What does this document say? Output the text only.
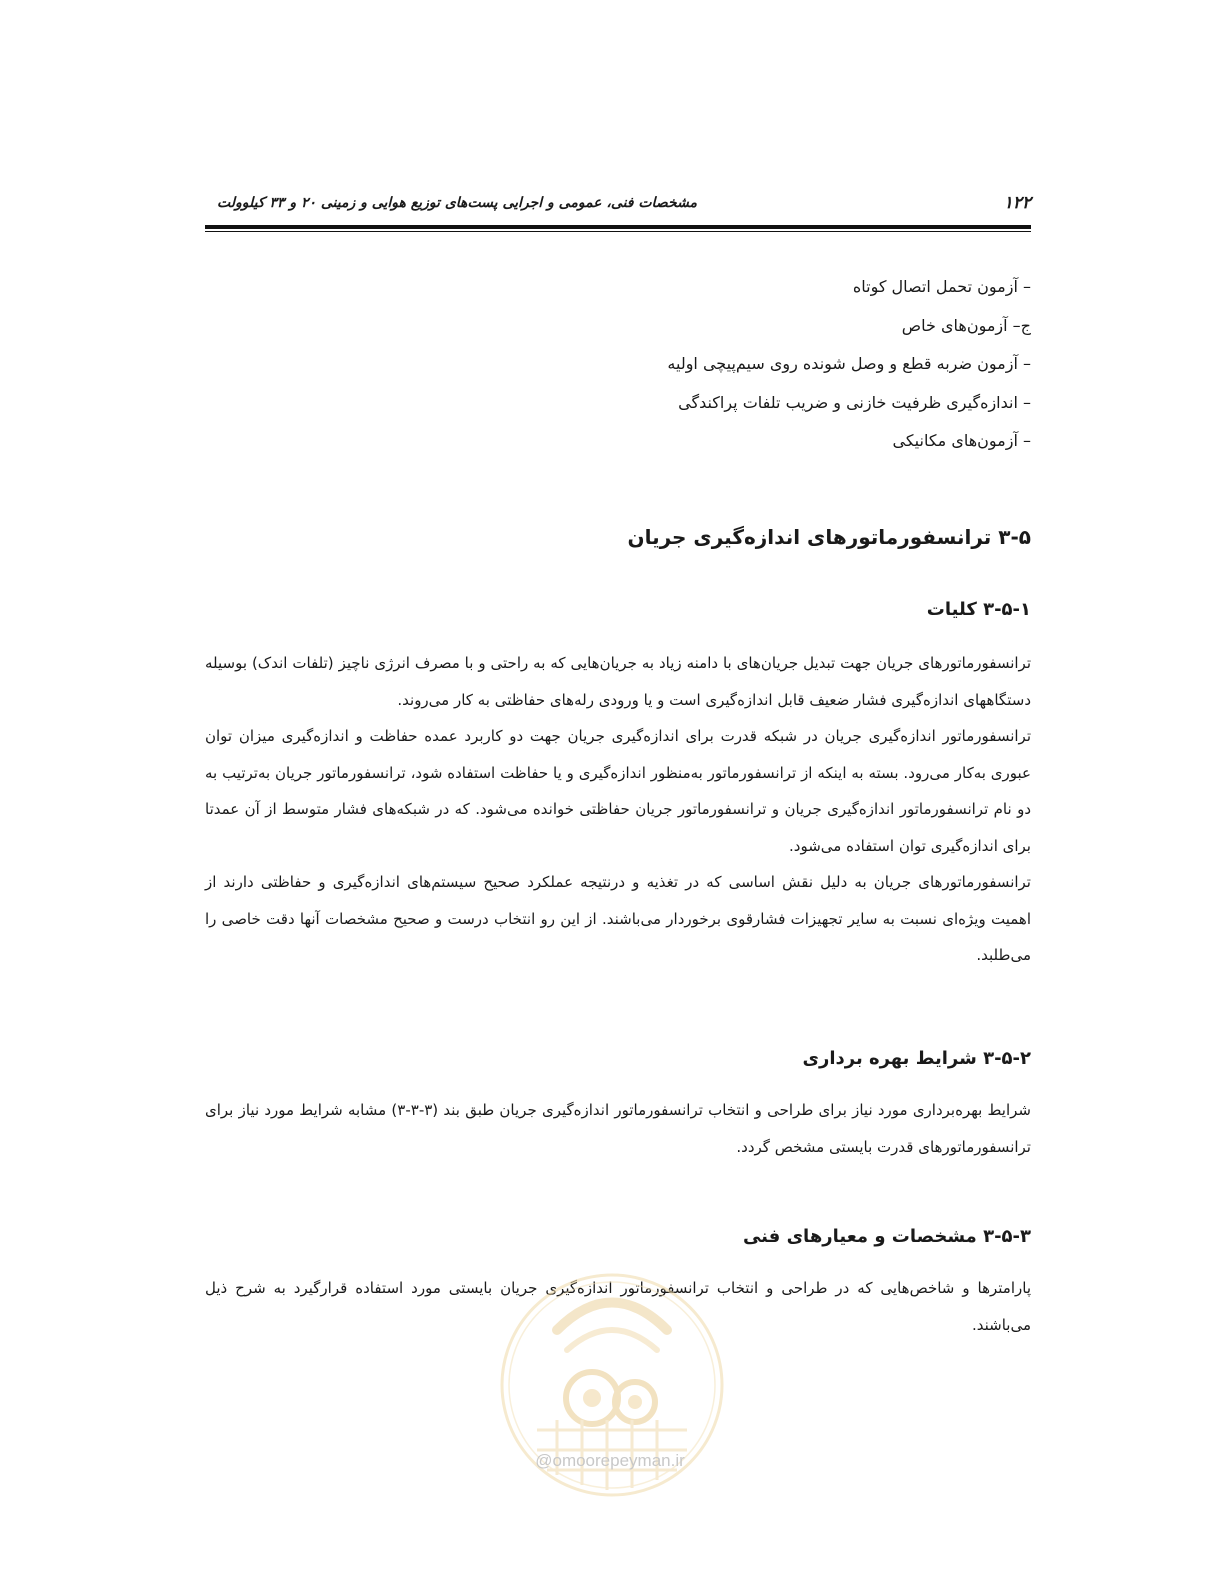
۱۲۲
مشخصات فنی، عمومی و اجرایی پست‌های توزیع هوایی و زمینی ۲۰ و ۳۳ کیلوولت
– آزمون تحمل اتصال کوتاه
ج– آزمون‌های خاص
– آزمون ضربه قطع و وصل شونده روی سیم‌پیچی اولیه
– اندازه‌گیری ظرفیت خازنی و ضریب تلفات پراکندگی
– آزمون‌های مکانیکی
۳-۵ ترانسفورماتورهای اندازه‌گیری جریان
۳-۵-۱ کلیات

ترانسفورماتورهای جریان جهت تبدیل جریان‌های با دامنه زیاد به جریان‌هایی که به راحتی و با مصرف انرژی ناچیز (تلفات اندک) بوسیله دستگاههای اندازه‌گیری فشار ضعیف قابل اندازه‌گیری است و یا ورودی رله‌های حفاظتی به کار می‌روند.

ترانسفورماتور اندازه‌گیری جریان در شبکه قدرت برای اندازه‌گیری جریان جهت دو کاربرد عمده حفاظت و اندازه‌گیری میزان توان عبوری به‌کار می‌رود. بسته به اینکه از ترانسفورماتور به‌منظور اندازه‌گیری و یا حفاظت استفاده شود، ترانسفورماتور جریان به‌ترتیب به دو نام ترانسفورماتور اندازه‌گیری جریان و ترانسفورماتور جریان حفاظتی خوانده می‌شود. که در شبکه‌های فشار متوسط از آن عمدتا برای اندازه‌گیری توان استفاده می‌شود.

ترانسفورماتورهای جریان به دلیل نقش اساسی که در تغذیه و درنتیجه عملکرد صحیح سیستم‌های اندازه‌گیری و حفاظتی دارند از اهمیت ویژه‌ای نسبت به سایر تجهیزات فشارقوی برخوردار می‌باشند. از این رو انتخاب درست و صحیح مشخصات آنها دقت خاصی را می‌طلبد.

۳-۵-۲ شرایط بهره برداری

شرایط بهره‌برداری مورد نیاز برای طراحی و انتخاب ترانسفورماتور اندازه‌گیری جریان طبق بند (۳-۳-۳) مشابه شرایط مورد نیاز برای ترانسفورماتورهای قدرت بایستی مشخص گردد.

۳-۵-۳ مشخصات و معیارهای فنی

پارامترها و شاخص‌هایی که در طراحی و انتخاب ترانسفورماتور اندازه‌گیری جریان بایستی مورد استفاده قرارگیرد به شرح ذیل می‌باشند.

@omoorepeyman.ir
